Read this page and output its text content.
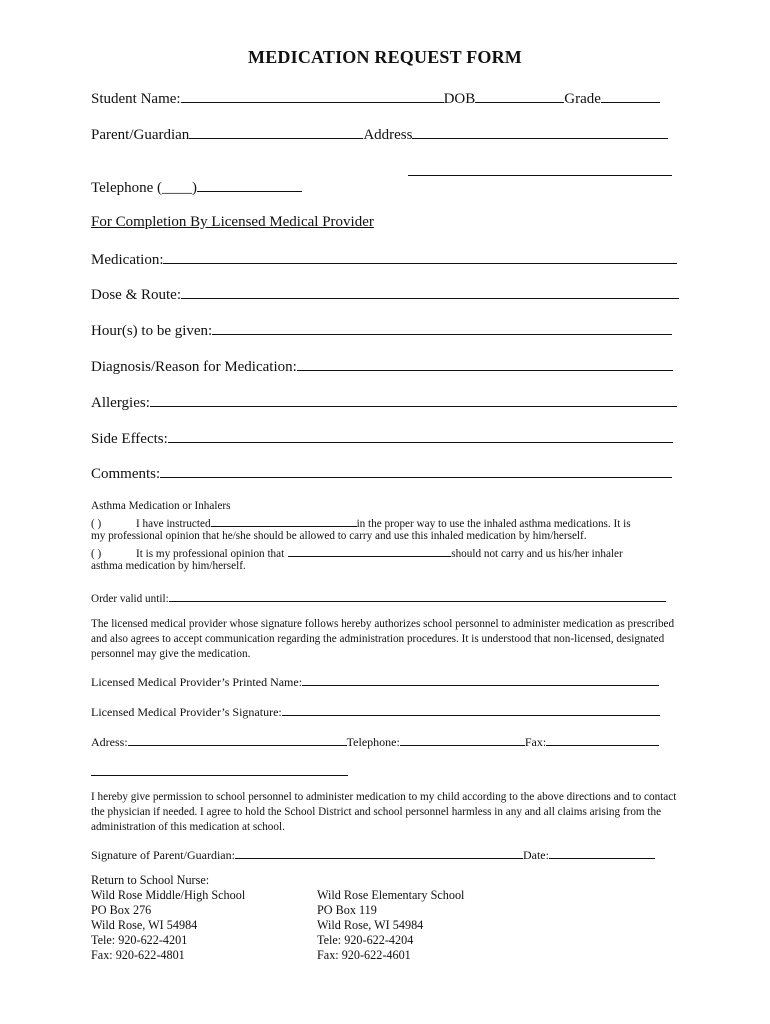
MEDICATION REQUEST FORM
Student Name:	DOB	Grade
Parent/Guardian	Address
Telephone (____)
For Completion By Licensed Medical Provider
Medication:
Dose & Route:
Hour(s) to be given:
Diagnosis/Reason for Medication:
Allergies:
Side Effects:
Comments:
Asthma Medication or Inhalers
( )	I have instructed	in the proper way to use the inhaled asthma medications. It is
my professional opinion that he/she should be allowed to carry and use this inhaled medication by him/herself.
( )	It is my professional opinion that	should not carry and us his/her inhaler
asthma medication by him/herself.
Order valid until:
The licensed medical provider whose signature follows hereby authorizes school personnel to administer medication as prescribed and also agrees to accept communication regarding the administration procedures. It is understood that non-licensed, designated personnel may give the medication.
Licensed Medical Provider’s Printed Name:
Licensed Medical Provider’s Signature:
Adress:	Telephone:	Fax:
I hereby give permission to school personnel to administer medication to my child according to the above directions and to contact the physician if needed. I agree to hold the School District and school personnel harmless in any and all claims arising from the administration of this medication at school.
Signature of Parent/Guardian:	Date:
Return to School Nurse:
Wild Rose Middle/High School
PO Box 276
Wild Rose, WI 54984
Tele: 920-622-4201
Fax: 920-622-4801
Wild Rose Elementary School
PO Box 119
Wild Rose, WI 54984
Tele: 920-622-4204
Fax: 920-622-4601
